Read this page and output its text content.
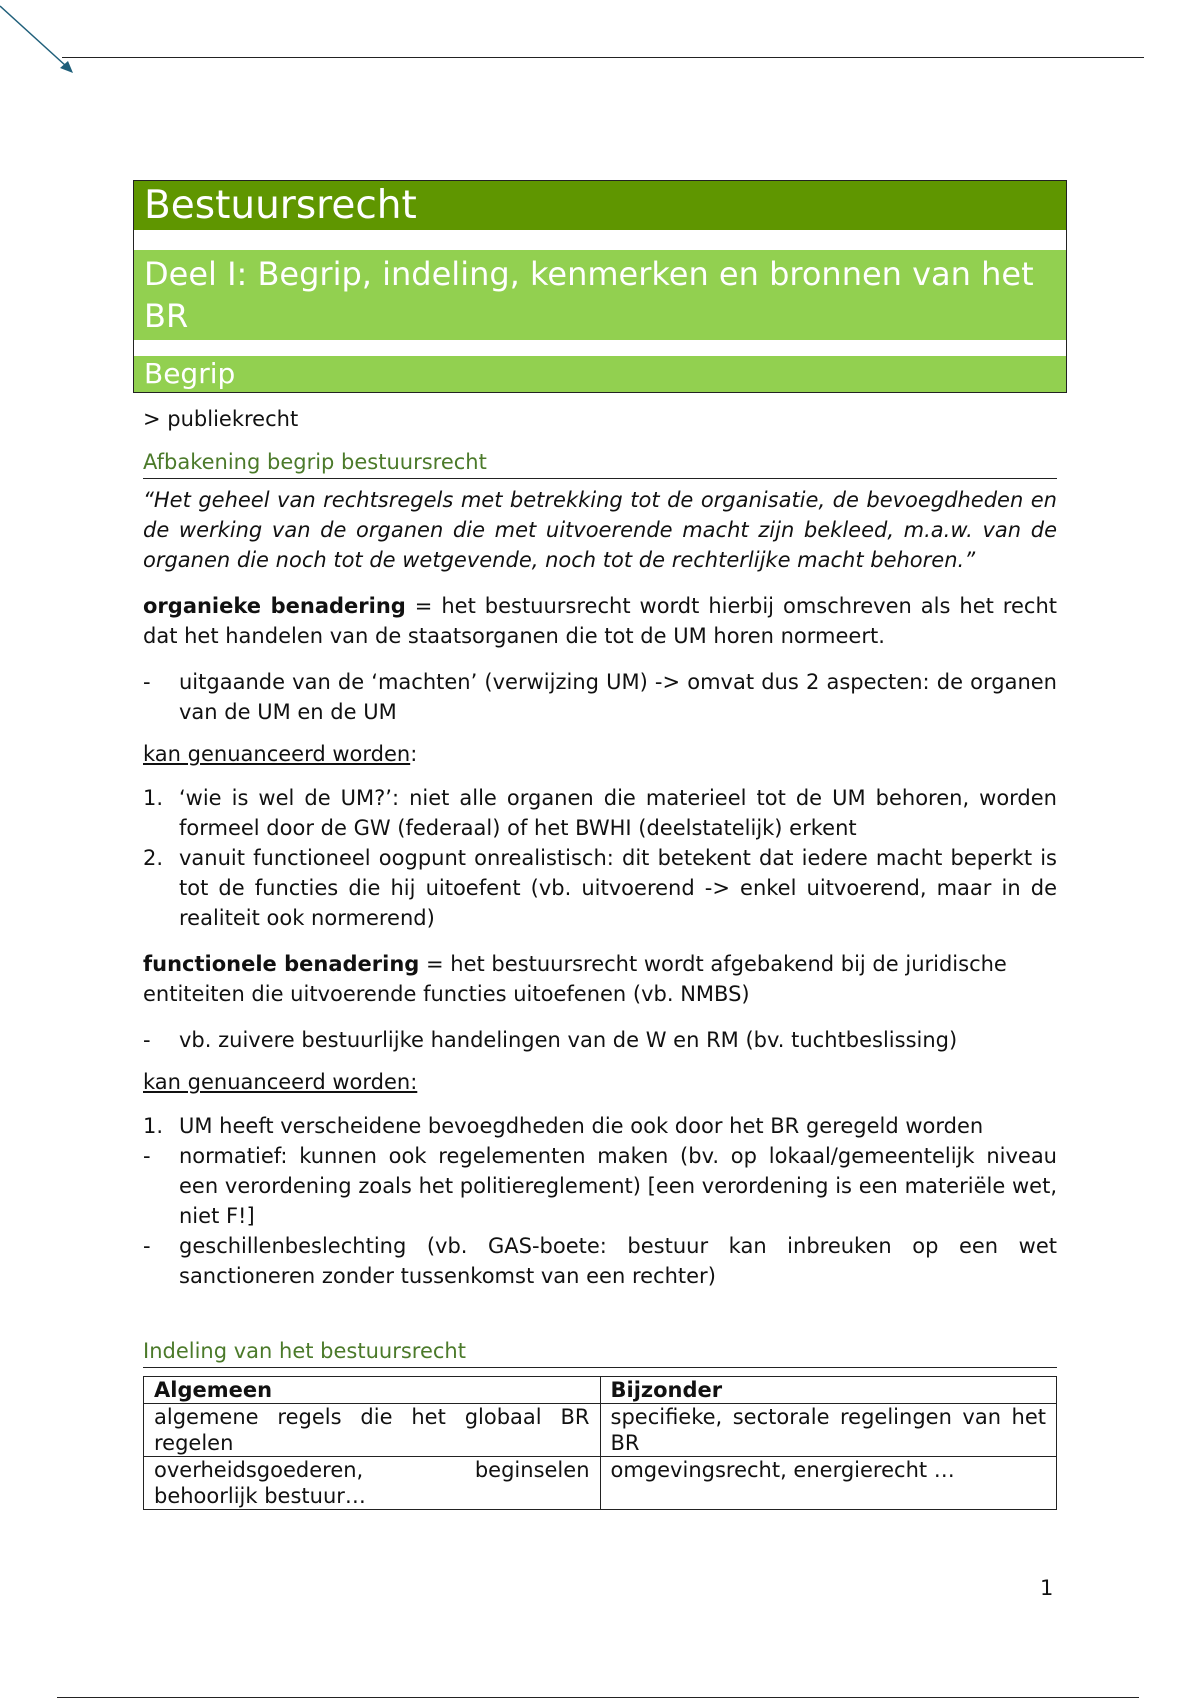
Bestuursrecht
Deel I: Begrip, indeling, kenmerken en bronnen van het BR
Begrip

> publiekrecht

Afbakening begrip bestuursrecht

“Het geheel van rechtsregels met betrekking tot de organisatie, de bevoegdheden en de werking van de organen die met uitvoerende macht zijn bekleed, m.a.w. van de organen die noch tot de wetgevende, noch tot de rechterlijke macht behoren.”

organieke benadering = het bestuursrecht wordt hierbij omschreven als het recht dat het handelen van de staatsorganen die tot de UM horen normeert.

- uitgaande van de ‘machten’ (verwijzing UM) -> omvat dus 2 aspecten: de organen van de UM en de UM

kan genuanceerd worden:

1. ‘wie is wel de UM?’: niet alle organen die materieel tot de UM behoren, worden formeel door de GW (federaal) of het BWHI (deelstatelijk) erkent
2. vanuit functioneel oogpunt onrealistisch: dit betekent dat iedere macht beperkt is tot de functies die hij uitoefent (vb. uitvoerend -> enkel uitvoerend, maar in de realiteit ook normerend)

functionele benadering = het bestuursrecht wordt afgebakend bij de juridische entiteiten die uitvoerende functies uitoefenen (vb. NMBS)

- vb. zuivere bestuurlijke handelingen van de W en RM (bv. tuchtbeslissing)

kan genuanceerd worden:

1. UM heeft verscheidene bevoegdheden die ook door het BR geregeld worden
- normatief: kunnen ook regelementen maken (bv. op lokaal/gemeentelijk niveau een verordening zoals het politiereglement) [een verordening is een materiële wet, niet F!]
- geschillenbeslechting (vb. GAS-boete: bestuur kan inbreuken op een wet sanctioneren zonder tussenkomst van een rechter)
Indeling van het bestuursrecht
Algemeen	Bijzonder
algemene regels die het globaal BR regelen	specifieke, sectorale regelingen van het BR
overheidsgoederen, beginselen behoorlijk bestuur…	omgevingsrecht, energierecht …
1
